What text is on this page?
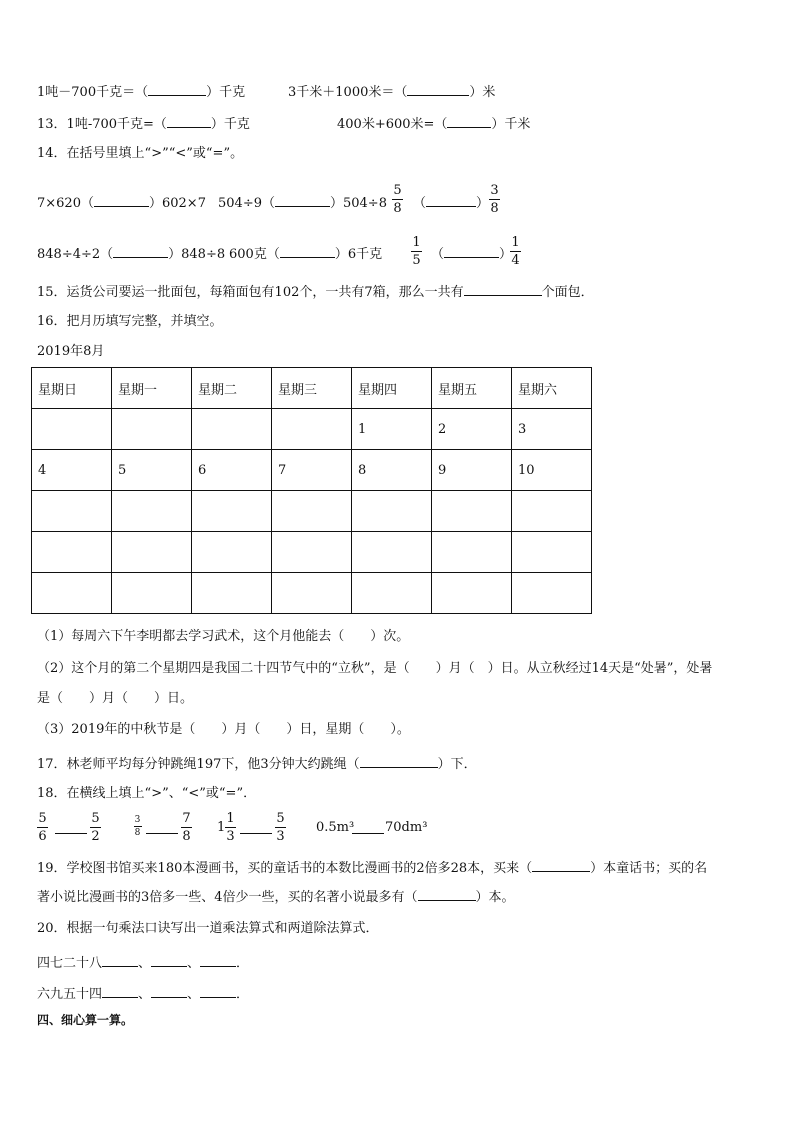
1吨－700千克＝（	）千克	3千米＋1000米＝（	）米
13．1吨-700千克=（	）千克	400米+600米=（	）千米
14．在括号里填上“>”“<”或“=”。
7×620（	）602×7 504÷9（	）504÷8
5
8 （	）
3
8
848÷4÷2（	）848÷8 600克（	）6千克
1
5 （	）
1
4
15．运货公司要运一批面包，每箱面包有102个，一共有7箱，那么一共有	个面包．
16．把月历填写完整，并填空。
2019年8月
星期日	星期一	星期二	星期三	星期四	星期五	星期六
				1	2	3
4	5	6	7	8	9	10

（1）每周六下午李明都去学习武术，这个月他能去（　　）次。
（2）这个月的第二个星期四是我国二十四节气中的“立秋”，是（　　）月（　）日。从立秋经过14天是“处暑”，处暑
是（　　）月（　　）日。
（3）2019年的中秋节是（　　）月（　　）日，星期（　　）。
17．林老师平均每分钟跳绳197下，他3分钟大约跳绳（	）下．
18．在横线上填上“>”、“<”或“=”．
5
6
5
2
3
8
7
8
1
1
3
5
3
0.5m³ 70dm³
19．学校图书馆买来180本漫画书，买的童话书的本数比漫画书的2倍多28本，买来（	）本童话书；买的名
著小说比漫画书的3倍多一些、4倍少一些，买的名著小说最多有（	）本。
20．根据一句乘法口诀写出一道乘法算式和两道除法算式．
四七二十八	、	、	．
六九五十四	、	、	．
四、细心算一算。
